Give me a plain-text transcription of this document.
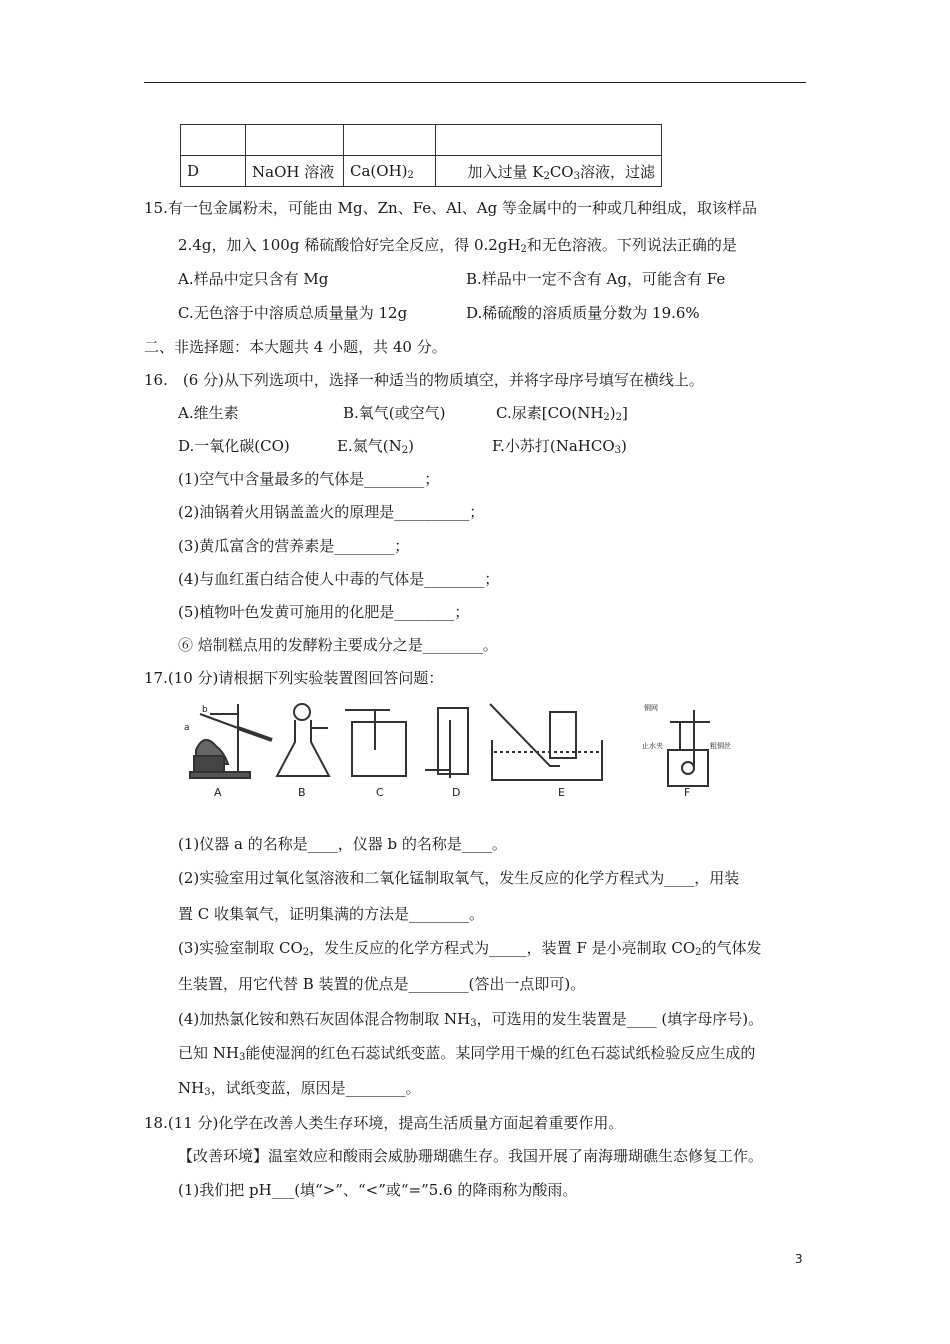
D	NaOH 溶液	$Ca(OH)_2$	加入过量 $K_2CO_3$溶液，过滤
15.有一包金属粉末，可能由 Mg、Zn、Fe、Al、Ag 等金属中的一种或几种组成，取该样品
2.4g，加入 100g 稀硫酸恰好完全反应，得 $0.2gH_2$和无色溶液。下列说法正确的是
A.样品中定只含有 Mg	B.样品中一定不含有 Ag，可能含有 Fe
C.无色溶于中溶质总质量量为 12g	D.稀硫酸的溶质质量分数为 19.6%
二、非选择题：本大题共 4 小题，共 40 分。
16.　(6 分)从下列选项中，选择一种适当的物质填空，并将字母序号填写在横线上。
A.维生素	B.氧气(或空气)	C.尿素$[CO(NH_2)_2]$
D.一氧化碳(CO)	E.氮气$(N_2)$	F.小苏打(NaHCO$_3$)
(1)空气中含量最多的气体是________；
(2)油锅着火用锅盖盖火的原理是__________；
(3)黄瓜富含的营养素是________；
(4)与血红蛋白结合使人中毒的气体是________；
(5)植物叶色发黄可施用的化肥是________；
⑥ 焙制糕点用的发酵粉主要成分之是________。
17.(10 分)请根据下列实验装置图回答问题：
A	B	C	D	E	F
a
b	铜网
止水夹	粗铜丝
(1)仪器 a 的名称是____，仪器 b 的名称是____。
(2)实验室用过氧化氢溶液和二氧化锰制取氧气，发生反应的化学方程式为____，用装
置 C 收集氧气，证明集满的方法是________。
(3)实验室制取 $CO_2$，发生反应的化学方程式为_____，装置 F 是小亮制取 $CO_2$的气体发
生装置，用它代替 B 装置的优点是________(答出一点即可)。
(4)加热氯化铵和熟石灰固体混合物制取 $NH_3$，可选用的发生装置是____ (填字母序号)。
已知 $NH_3$能使湿润的红色石蕊试纸变蓝。某同学用干燥的红色石蕊试纸检验反应生成的
$NH_3$，试纸变蓝，原因是________。
18.(11 分)化学在改善人类生存环境，提高生活质量方面起着重要作用。
【改善环境】温室效应和酸雨会威胁珊瑚礁生存。我国开展了南海珊瑚礁生态修复工作。
(1)我们把 pH___(填“>”、“<”或“=”5.6 的降雨称为酸雨。
3
